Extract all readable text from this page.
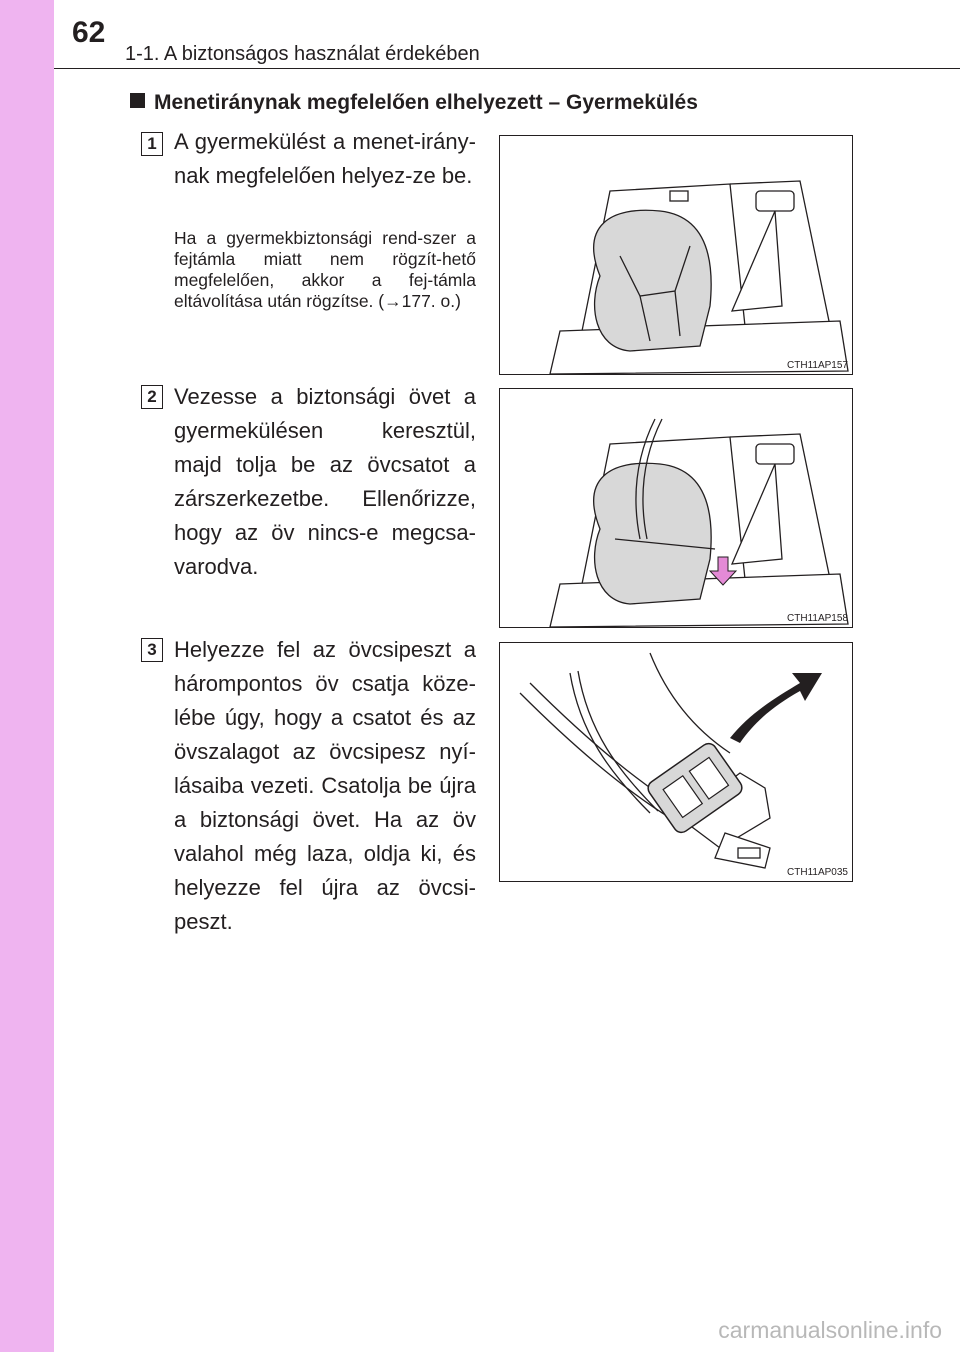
62
1-1. A biztonságos használat érdekében
Menetiránynak megfelelően elhelyezett – Gyermekülés
1 A gyermekülést a menet-iránynak megfelelően helyez-ze be.
Ha a gyermekbiztonsági rend-szer a fejtámla miatt nem rögzít-hető megfelelően, akkor a fej-támla eltávolítása után rögzítse. (→177. o.)
CTH11AP157
2 Vezesse a biztonsági övet a gyermekülésen keresztül, majd tolja be az övcsatot a zárszerkezetbe. Ellenőrizze, hogy az öv nincs-e megcsa-varodva.
CTH11AP158
3 Helyezze fel az övcsipeszt a hárompontos öv csatja köze-lébe úgy, hogy a csatot és az övszalagot az övcsipesz nyí-lásaiba vezeti. Csatolja be újra a biztonsági övet. Ha az öv valahol még laza, oldja ki, és helyezze fel újra az övcsi-peszt.
CTH11AP035
carmanualsonline.info
